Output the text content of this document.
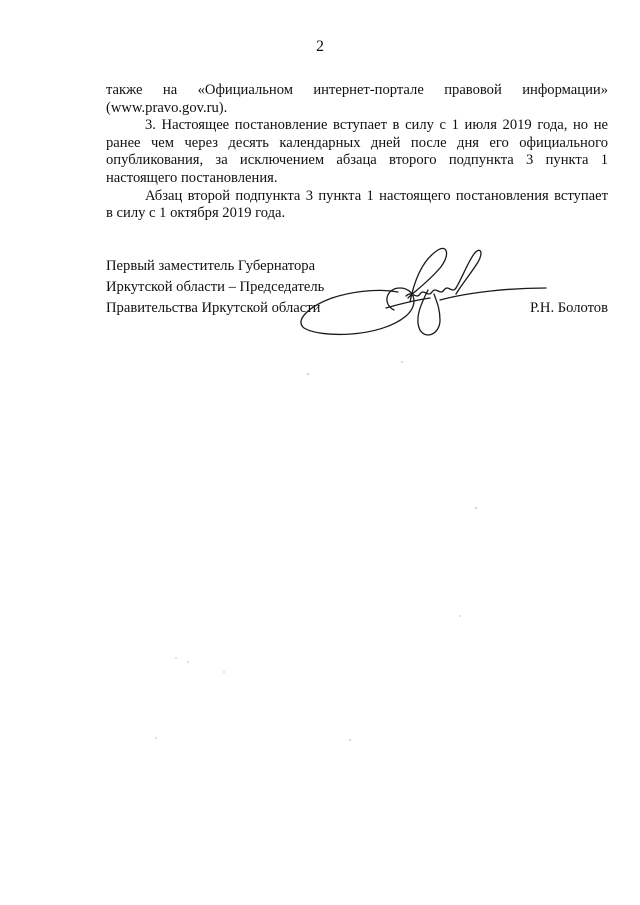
2

также на «Официальном интернет-портале правовой информации»
(www.pravo.gov.ru).

3. Настоящее постановление вступает в силу с 1 июля 2019 года, но не
ранее чем через десять календарных дней после дня его официального
опубликования, за исключением абзаца второго подпункта 3 пункта 1
настоящего постановления.

Абзац второй подпункта 3 пункта 1 настоящего постановления вступает
в силу с 1 октября 2019 года.

Первый заместитель Губернатора
Иркутской области – Председатель
Правительства Иркутской области	Р.Н. Болотов
